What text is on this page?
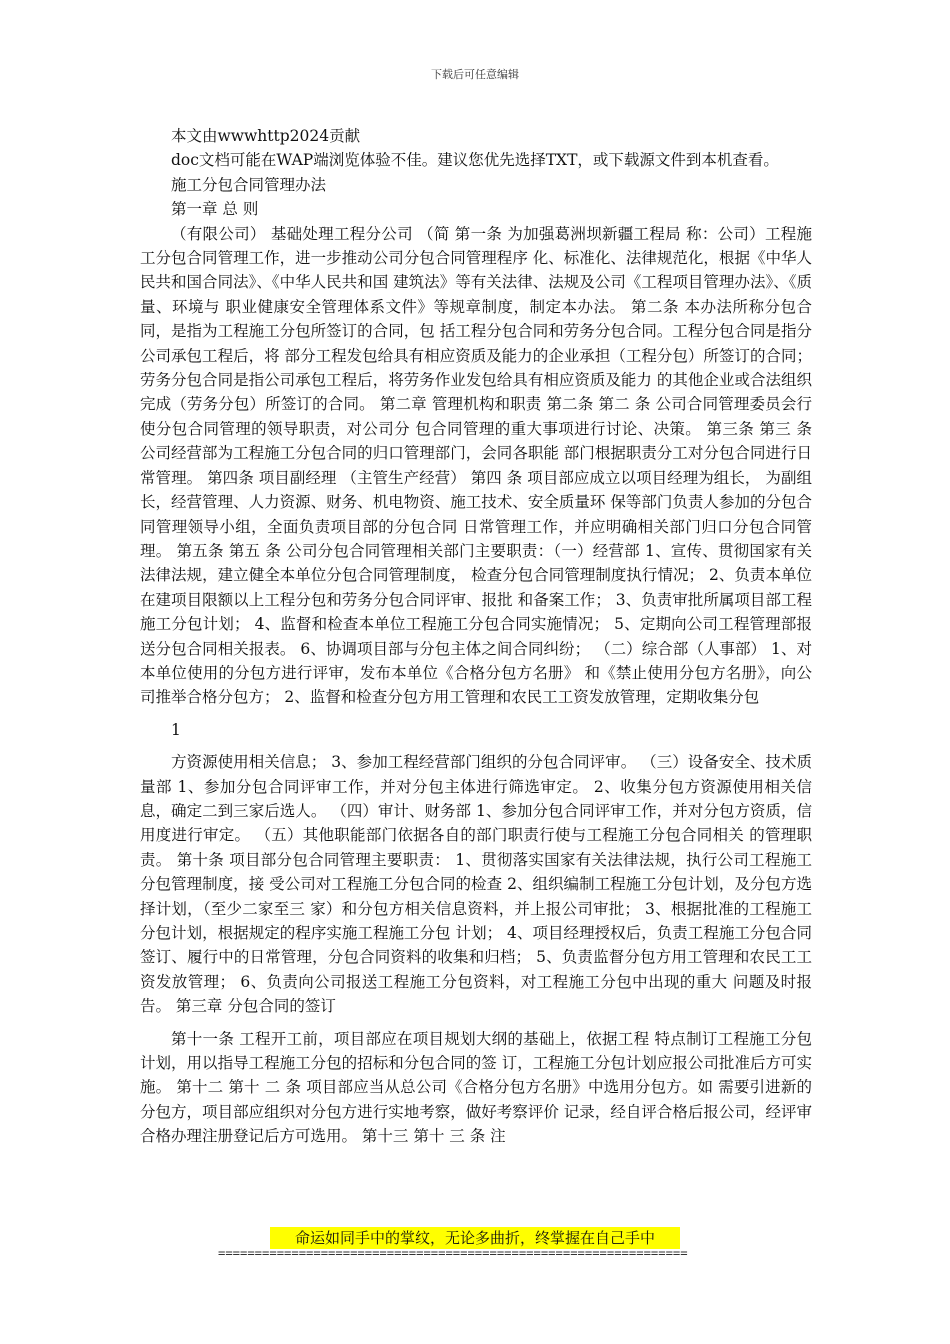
下载后可任意编辑

本文由wwwhttp2024贡献

doc文档可能在WAP端浏览体验不佳。建议您优先选择TXT，或下载源文件到本机查看。

施工分包合同管理办法

第一章 总 则

（有限公司） 基础处理工程分公司 （简 第一条 为加强葛洲坝新疆工程局 称：公司）工程施工分包合同管理工作，进一步推动公司分包合同管理程序 化、标准化、法律规范化，根据《中华人民共和国合同法》、《中华人民共和国 建筑法》等有关法律、法规及公司《工程项目管理办法》、《质量、环境与 职业健康安全管理体系文件》等规章制度，制定本办法。 第二条 本办法所称分包合同，是指为工程施工分包所签订的合同，包 括工程分包合同和劳务分包合同。工程分包合同是指分公司承包工程后，将 部分工程发包给具有相应资质及能力的企业承担（工程分包）所签订的合同； 劳务分包合同是指公司承包工程后，将劳务作业发包给具有相应资质及能力 的其他企业或合法组织完成（劳务分包）所签订的合同。 第二章 管理机构和职责 第二条 第二 条 公司合同管理委员会行使分包合同管理的领导职责，对公司分 包合同管理的重大事项进行讨论、决策。 第三条 第三 条 公司经营部为工程施工分包合同的归口管理部门，会同各职能 部门根据职责分工对分包合同进行日常管理。 第四条 项目副经理 （主管生产经营） 第四 条 项目部应成立以项目经理为组长， 为副组长，经营管理、人力资源、财务、机电物资、施工技术、安全质量环 保等部门负责人参加的分包合同管理领导小组，全面负责项目部的分包合同 日常管理工作，并应明确相关部门归口分包合同管理。 第五条 第五 条 公司分包合同管理相关部门主要职责：（一）经营部 1、宣传、贯彻国家有关法律法规，建立健全本单位分包合同管理制度， 检查分包合同管理制度执行情况； 2、负责本单位在建项目限额以上工程分包和劳务分包合同评审、报批 和备案工作； 3、负责审批所属项目部工程施工分包计划； 4、监督和检查本单位工程施工分包合同实施情况； 5、定期向公司工程管理部报送分包合同相关报表。 6、协调项目部与分包主体之间合同纠纷； （二）综合部（人事部） 1、对本单位使用的分包方进行评审，发布本单位《合格分包方名册》 和《禁止使用分包方名册》，向公司推举合格分包方； 2、监督和检查分包方用工管理和农民工工资发放管理，定期收集分包

1

方资源使用相关信息； 3、参加工程经营部门组织的分包合同评审。 （三）设备安全、技术质量部 1、参加分包合同评审工作，并对分包主体进行筛选审定。 2、收集分包方资源使用相关信息，确定二到三家后选人。 （四）审计、财务部 1、参加分包合同评审工作，并对分包方资质，信用度进行审定。 （五）其他职能部门依据各自的部门职责行使与工程施工分包合同相关 的管理职责。 第十条 项目部分包合同管理主要职责： 1、贯彻落实国家有关法律法规，执行公司工程施工分包管理制度，接 受公司对工程施工分包合同的检查 2、组织编制工程施工分包计划，及分包方选择计划，（至少二家至三 家）和分包方相关信息资料，并上报公司审批； 3、根据批准的工程施工分包计划，根据规定的程序实施工程施工分包 计划； 4、项目经理授权后，负责工程施工分包合同签订、履行中的日常管理，分包合同资料的收集和归档； 5、负责监督分包方用工管理和农民工工资发放管理； 6、负责向公司报送工程施工分包资料，对工程施工分包中出现的重大 问题及时报告。 第三章 分包合同的签订

第十一条 工程开工前，项目部应在项目规划大纲的基础上，依据工程 特点制订工程施工分包计划，用以指导工程施工分包的招标和分包合同的签 订，工程施工分包计划应报公司批准后方可实施。 第十二 第十 二 条 项目部应当从总公司《合格分包方名册》中选用分包方。如 需要引进新的分包方，项目部应组织对分包方进行实地考察，做好考察评价 记录，经自评合格后报公司，经评审合格办理注册登记后方可选用。 第十三 第十 三 条 注

命运如同手中的掌纹，无论多曲折，终掌握在自己手中
================================================================
